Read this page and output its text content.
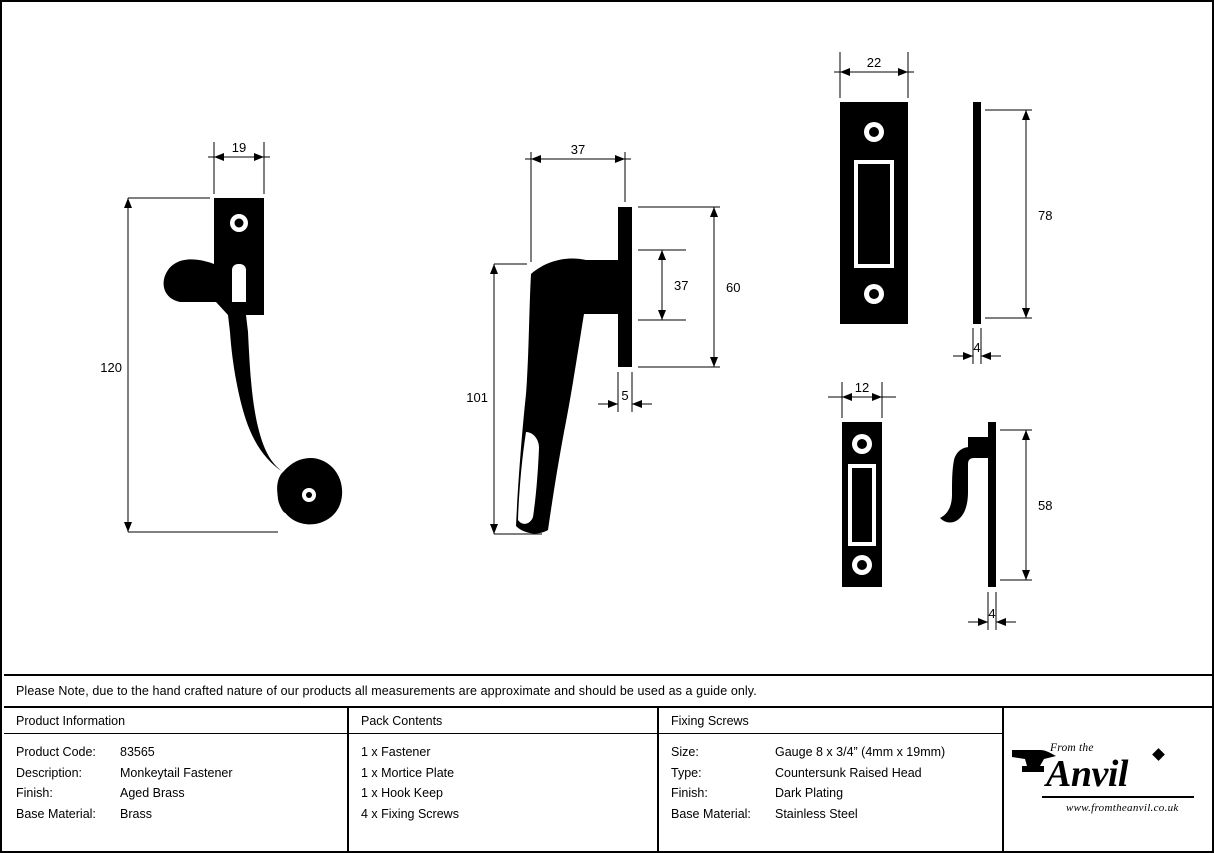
19
120
37
101	5
37	60
22
78
4
12
58
4
Please Note, due to the hand crafted nature of our products all measurements are approximate and should be used as a guide only.
Product Information
Product Code:	83565
Description:	Monkeytail Fastener
Finish:	Aged Brass
Base Material:	Brass
Pack Contents
1 x Fastener
1 x Mortice Plate
1 x Hook Keep
4 x Fixing Screws
Fixing Screws
Size:	Gauge 8 x 3/4” (4mm x 19mm)
Type:	Countersunk Raised Head
Finish:	Dark Plating
Base Material:	Stainless Steel
From the
Anvil
www.fromtheanvil.co.uk
